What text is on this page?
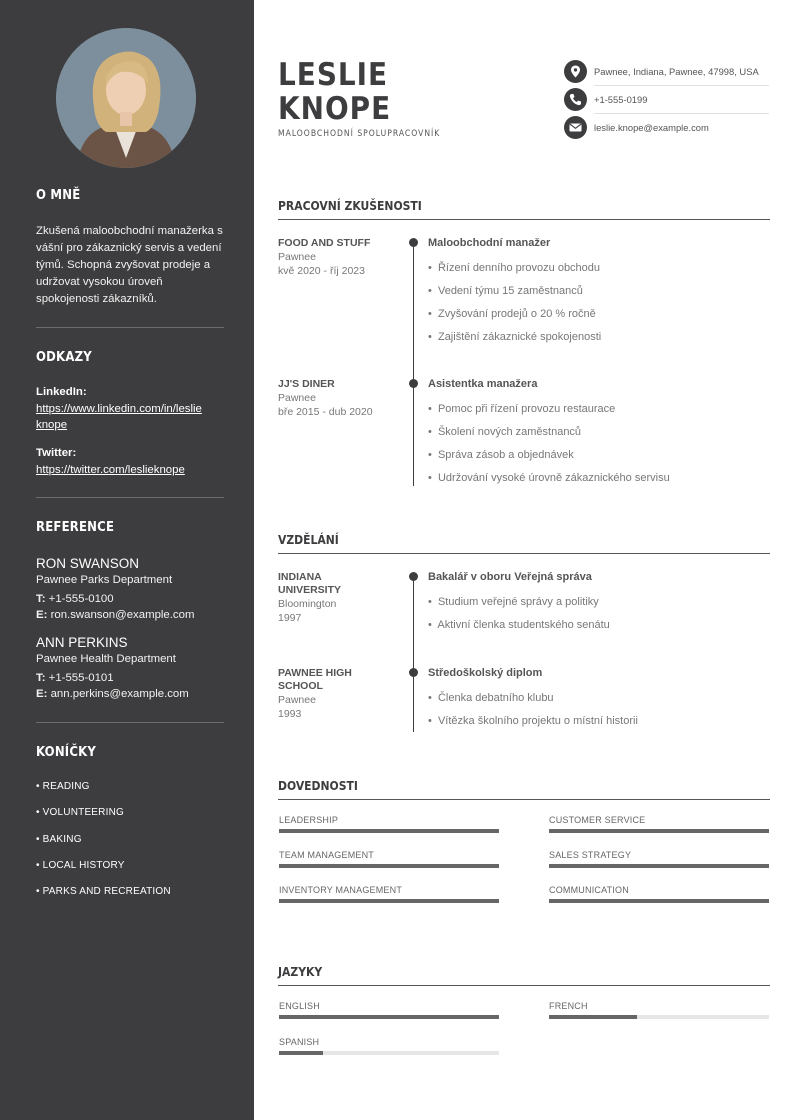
O MNĚ
Zkušená maloobchodní manažerka s vášní pro zákaznický servis a vedení týmů. Schopná zvyšovat prodeje a udržovat vysokou úroveň spokojenosti zákazníků.
ODKAZY
LinkedIn:
https://www.linkedin.com/in/leslie knope
Twitter:
https://twitter.com/leslieknope
REFERENCE
RON SWANSON
Pawnee Parks Department
T: +1-555-0100
E: ron.swanson@example.com
ANN PERKINS
Pawnee Health Department
T: +1-555-0101
E: ann.perkins@example.com
KONÍČKY
• READING
• VOLUNTEERING
• BAKING
• LOCAL HISTORY
• PARKS AND RECREATION
LESLIE
KNOPE
MALOOBCHODNÍ SPOLUPRACOVNÍK
Pawnee, Indiana, Pawnee, 47998, USA
+1-555-0199
leslie.knope@example.com
PRACOVNÍ ZKUŠENOSTI
FOOD AND STUFF
Pawnee
kvě 2020 - říj 2023
Maloobchodní manažer
•  Řízení denního provozu obchodu
•  Vedení týmu 15 zaměstnanců
•  Zvyšování prodejů o 20 % ročně
•  Zajištění zákaznické spokojenosti
JJ'S DINER
Pawnee
bře 2015 - dub 2020
Asistentka manažera
•  Pomoc při řízení provozu restaurace
•  Školení nových zaměstnanců
•  Správa zásob a objednávek
•  Udržování vysoké úrovně zákaznického servisu
VZDĚLÁNÍ
INDIANA
UNIVERSITY
Bloomington
1997
Bakalář v oboru Veřejná správa
•  Studium veřejné správy a politiky
•  Aktivní členka studentského senátu
PAWNEE HIGH
SCHOOL
Pawnee
1993
Středoškolský diplom
•  Členka debatního klubu
•  Vítězka školního projektu o místní historii
DOVEDNOSTI
LEADERSHIP	CUSTOMER SERVICE
TEAM MANAGEMENT	SALES STRATEGY
INVENTORY MANAGEMENT	COMMUNICATION
JAZYKY
ENGLISH	FRENCH
SPANISH
